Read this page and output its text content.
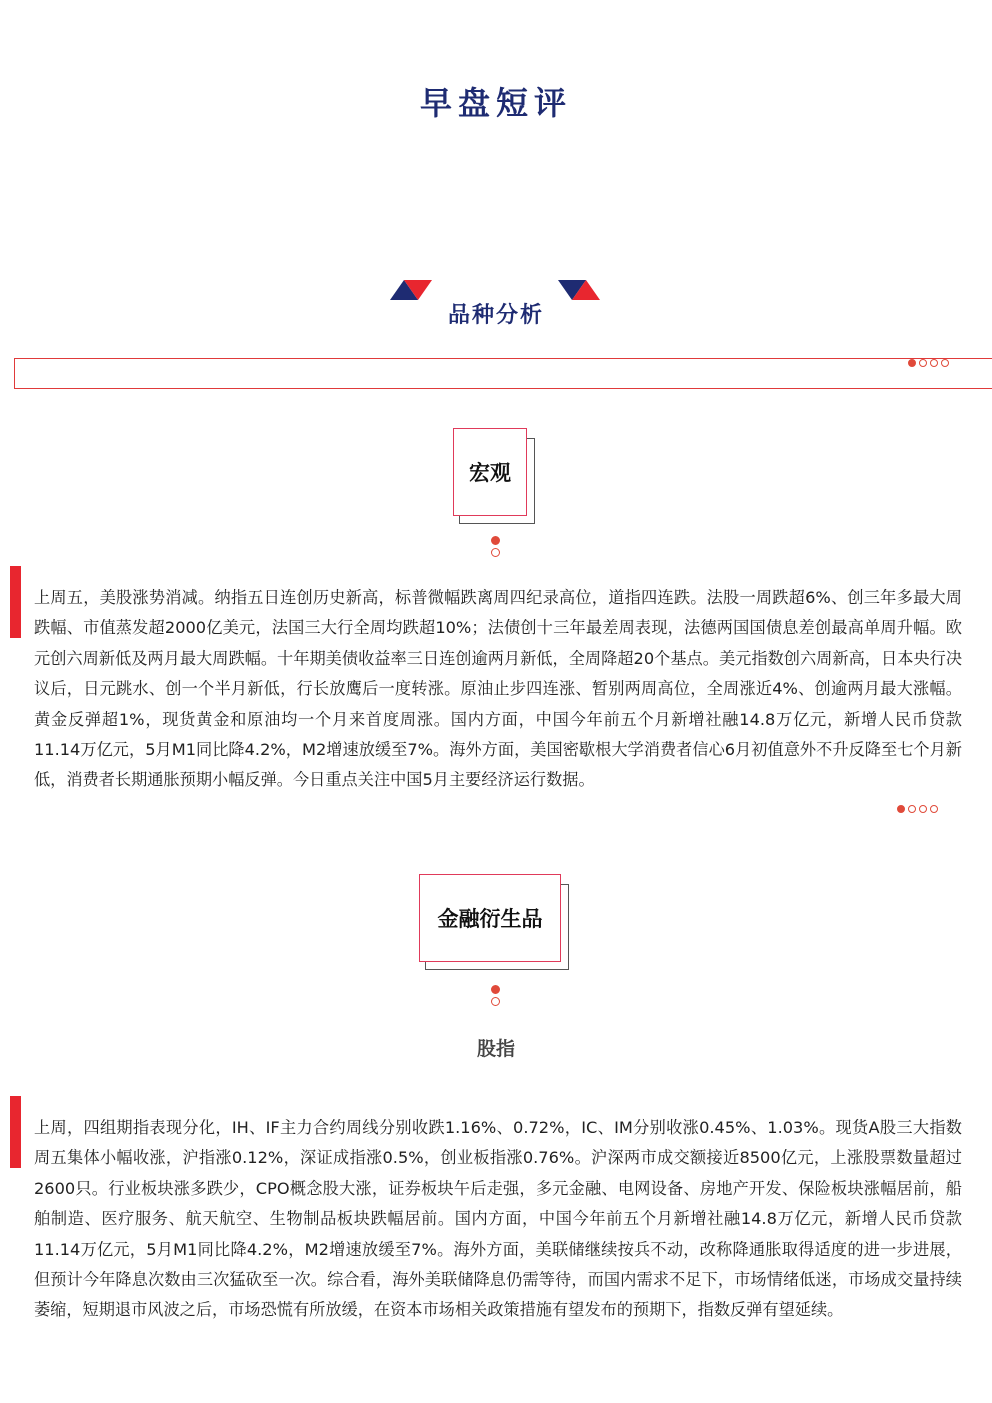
早盘短评
品种分析
宏观
上周五，美股涨势消减。纳指五日连创历史新高，标普微幅跌离周四纪录高位，道指四连跌。法股一周跌超6%、创三年多最大周跌幅、市值蒸发超2000亿美元，法国三大行全周均跌超10%；法债创十三年最差周表现，法德两国国债息差创最高单周升幅。欧元创六周新低及两月最大周跌幅。十年期美债收益率三日连创逾两月新低，全周降超20个基点。美元指数创六周新高，日本央行决议后，日元跳水、创一个半月新低，行长放鹰后一度转涨。原油止步四连涨、暂别两周高位，全周涨近4%、创逾两月最大涨幅。黄金反弹超1%，现货黄金和原油均一个月来首度周涨。国内方面，中国今年前五个月新增社融14.8万亿元，新增人民币贷款11.14万亿元，5月M1同比降4.2%，M2增速放缓至7%。海外方面，美国密歇根大学消费者信心6月初值意外不升反降至七个月新低，消费者长期通胀预期小幅反弹。今日重点关注中国5月主要经济运行数据。
金融衍生品
股指
上周，四组期指表现分化，IH、IF主力合约周线分别收跌1.16%、0.72%，IC、IM分别收涨0.45%、1.03%。现货A股三大指数周五集体小幅收涨，沪指涨0.12%，深证成指涨0.5%，创业板指涨0.76%。沪深两市成交额接近8500亿元，上涨股票数量超过2600只。行业板块涨多跌少，CPO概念股大涨，证券板块午后走强，多元金融、电网设备、房地产开发、保险板块涨幅居前，船舶制造、医疗服务、航天航空、生物制品板块跌幅居前。国内方面，中国今年前五个月新增社融14.8万亿元，新增人民币贷款11.14万亿元，5月M1同比降4.2%，M2增速放缓至7%。海外方面，美联储继续按兵不动，改称降通胀取得适度的进一步进展，但预计今年降息次数由三次猛砍至一次。综合看，海外美联储降息仍需等待，而国内需求不足下，市场情绪低迷，市场成交量持续萎缩，短期退市风波之后，市场恐慌有所放缓，在资本市场相关政策措施有望发布的预期下，指数反弹有望延续。
